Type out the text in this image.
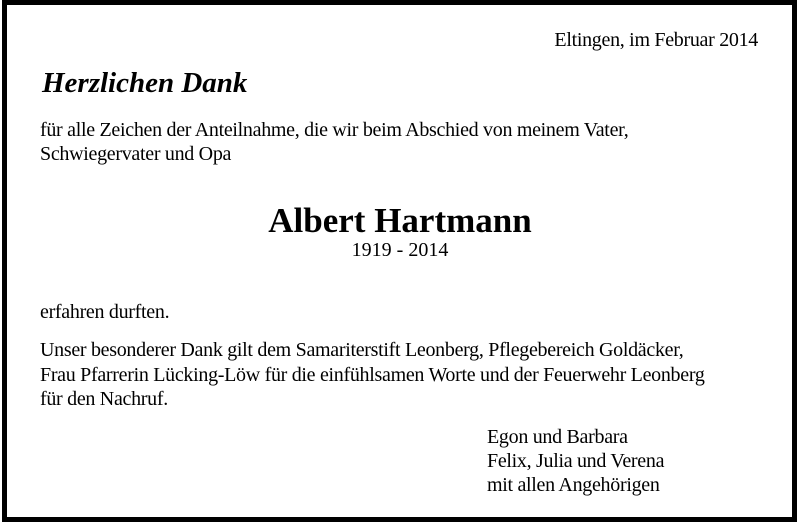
Eltingen, im Februar 2014
Herzlichen Dank
für alle Zeichen der Anteilnahme, die wir beim Abschied von meinem Vater,
Schwiegervater und Opa
Albert Hartmann
1919 - 2014
erfahren durften.
Unser besonderer Dank gilt dem Samariterstift Leonberg, Pflegebereich Goldäcker,
Frau Pfarrerin Lücking-Löw für die einfühlsamen Worte und der Feuerwehr Leonberg
für den Nachruf.
Egon und Barbara
Felix, Julia und Verena
mit allen Angehörigen
